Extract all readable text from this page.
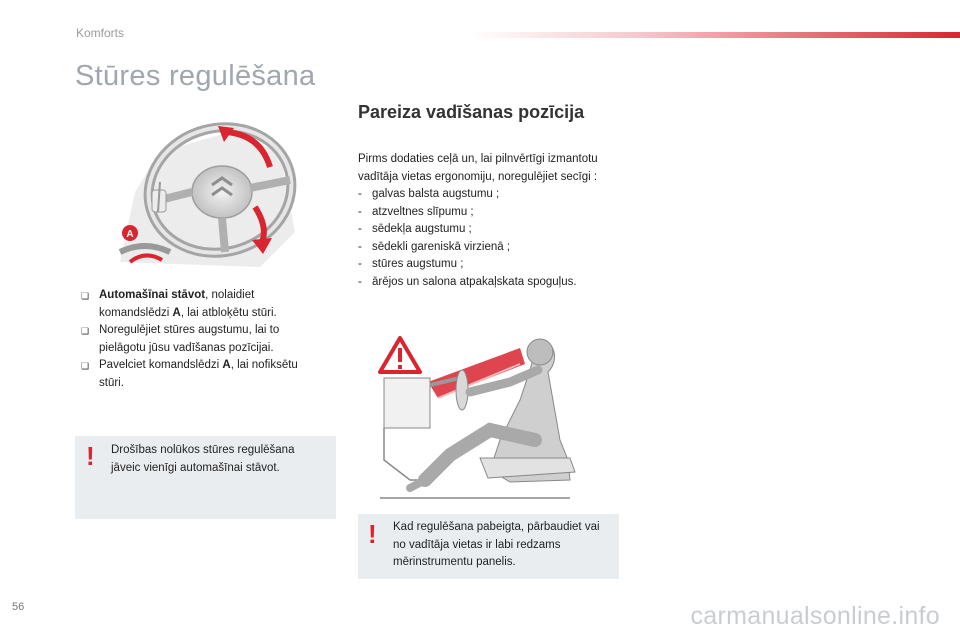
Komforts
Stūres regulēšana
A
❏ Automašīnai stāvot, nolaidiet komandslēdzi A, lai atbloķētu stūri.
❏ Noregulējiet stūres augstumu, lai to pielāgotu jūsu vadīšanas pozīcijai.
❏ Pavelciet komandslēdzi A, lai nofiksētu stūri.
! Drošības nolūkos stūres regulēšana jāveic vienīgi automašīnai stāvot.
Pareiza vadīšanas pozīcija
Pirms dodaties ceļā un, lai pilnvērtīgi izmantotu vadītāja vietas ergonomiju, noregulējiet secīgi :
- galvas balsta augstumu ;
- atzveltnes slīpumu ;
- sēdekļa augstumu ;
- sēdekli gareniskā virzienā ;
- stūres augstumu ;
- ārējos un salona atpakaļskata spoguļus.
! Kad regulēšana pabeigta, pārbaudiet vai no vadītāja vietas ir labi redzams mērinstrumentu panelis.
56	carmanualsonline.info
